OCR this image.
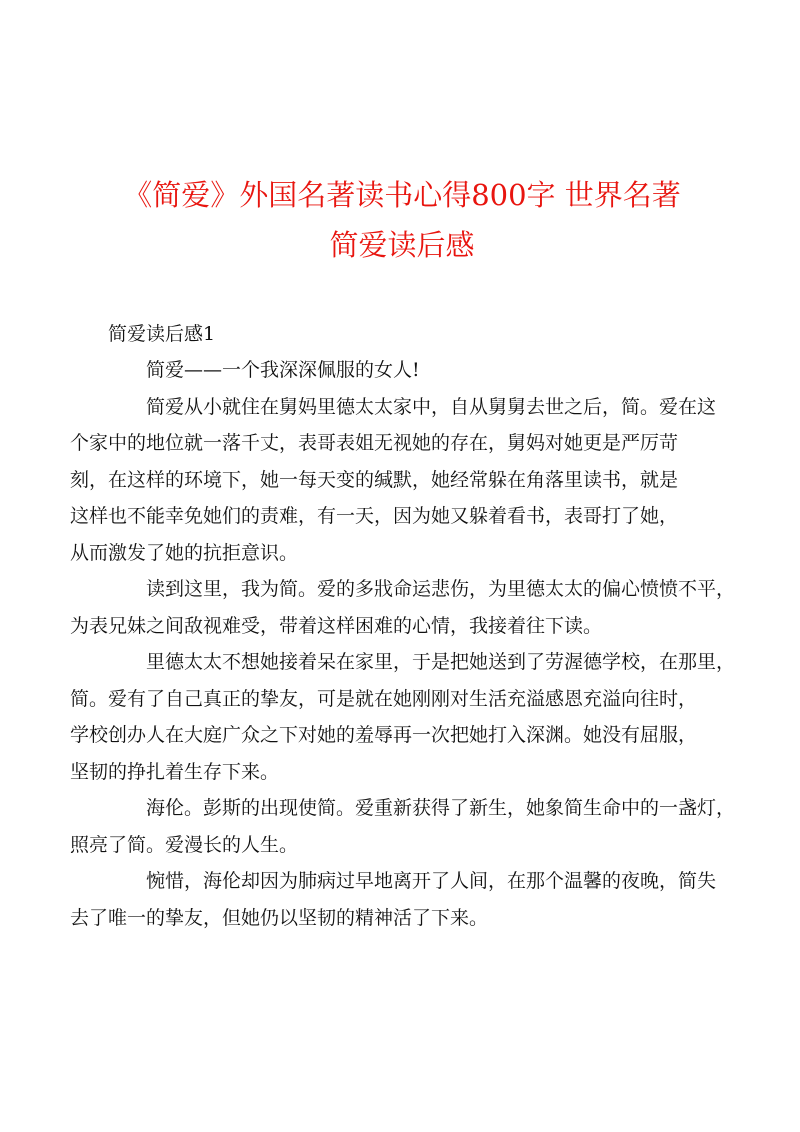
《简爱》外国名著读书心得800字 世界名著
简爱读后感
简爱读后感1

简爱——一个我深深佩服的女人!

简爱从小就住在舅妈里德太太家中，自从舅舅去世之后，简。爱在这
个家中的地位就一落千丈，表哥表姐无视她的存在，舅妈对她更是严厉苛
刻，在这样的环境下，她一每天变的缄默，她经常躲在角落里读书，就是
这样也不能幸免她们的责难，有一天，因为她又躲着看书，表哥打了她，
从而激发了她的抗拒意识。

读到这里，我为简。爱的多戕命运悲伤，为里德太太的偏心愤愤不平，
为表兄妹之间敌视难受，带着这样困难的心情，我接着往下读。

里德太太不想她接着呆在家里，于是把她送到了劳渥德学校，在那里，
简。爱有了自己真正的挚友，可是就在她刚刚对生活充溢感恩充溢向往时，
学校创办人在大庭广众之下对她的羞辱再一次把她打入深渊。她没有屈服，
坚韧的挣扎着生存下来。

海伦。彭斯的出现使简。爱重新获得了新生，她象简生命中的一盏灯，
照亮了简。爱漫长的人生。

惋惜，海伦却因为肺病过早地离开了人间，在那个温馨的夜晚，简失
去了唯一的挚友，但她仍以坚韧的精神活了下来。
